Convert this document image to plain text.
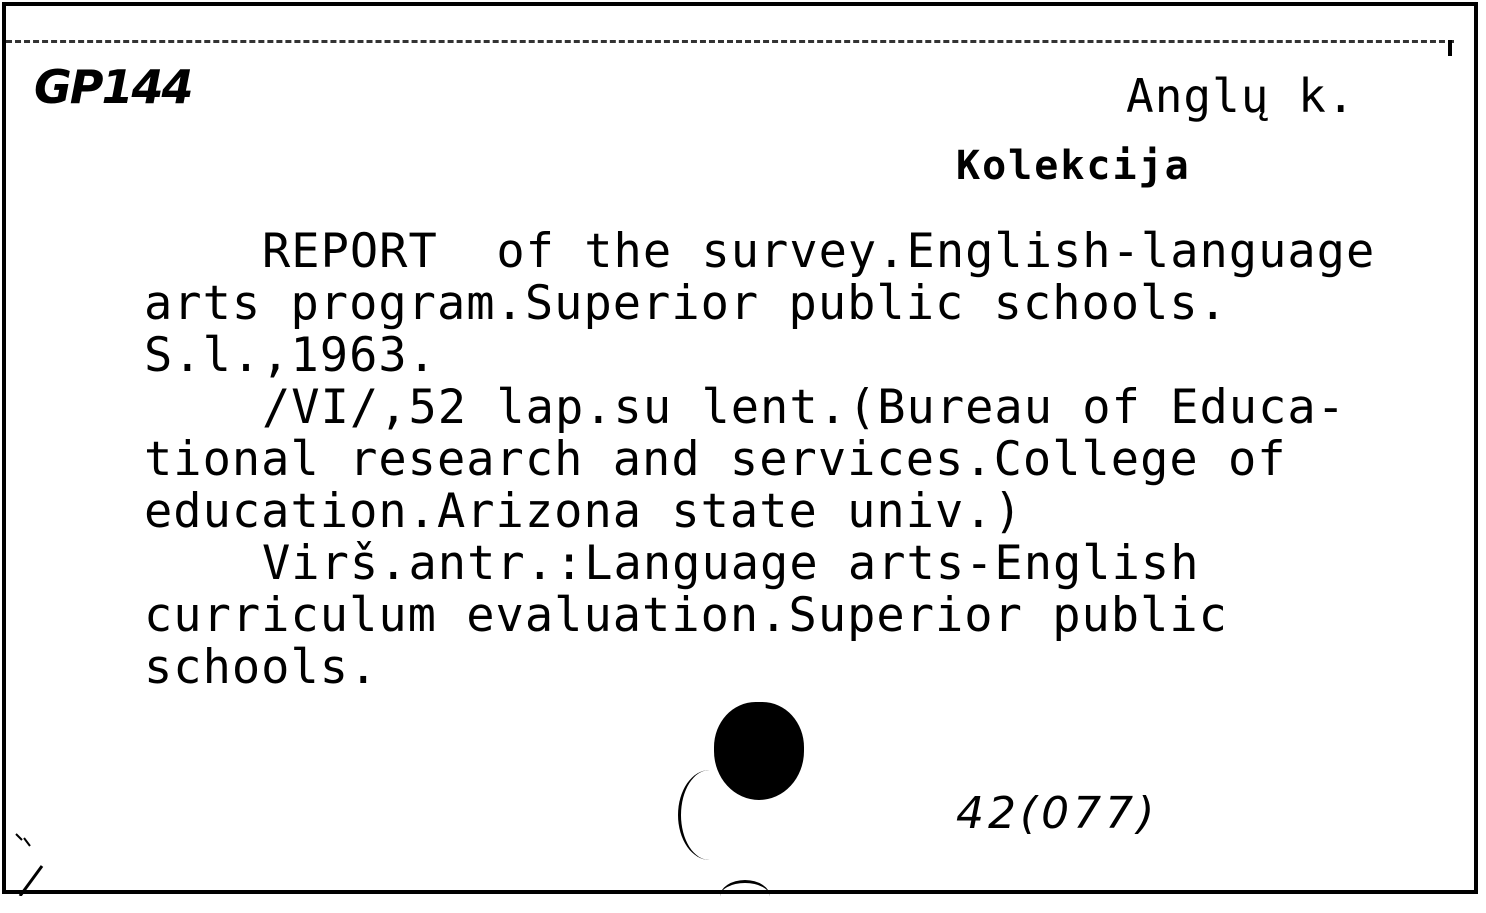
GP144	Anglų k.
Kolekcija
REPORT  of the survey.English-language
arts program.Superior public schools.
S.l.,1963.
/VI/,52 lap.su lent.(Bureau of Educa-
tional research and services.College of
education.Arizona state univ.)
Virš.antr.:Language arts-English
curriculum evaluation.Superior public
schools.
42(077)
